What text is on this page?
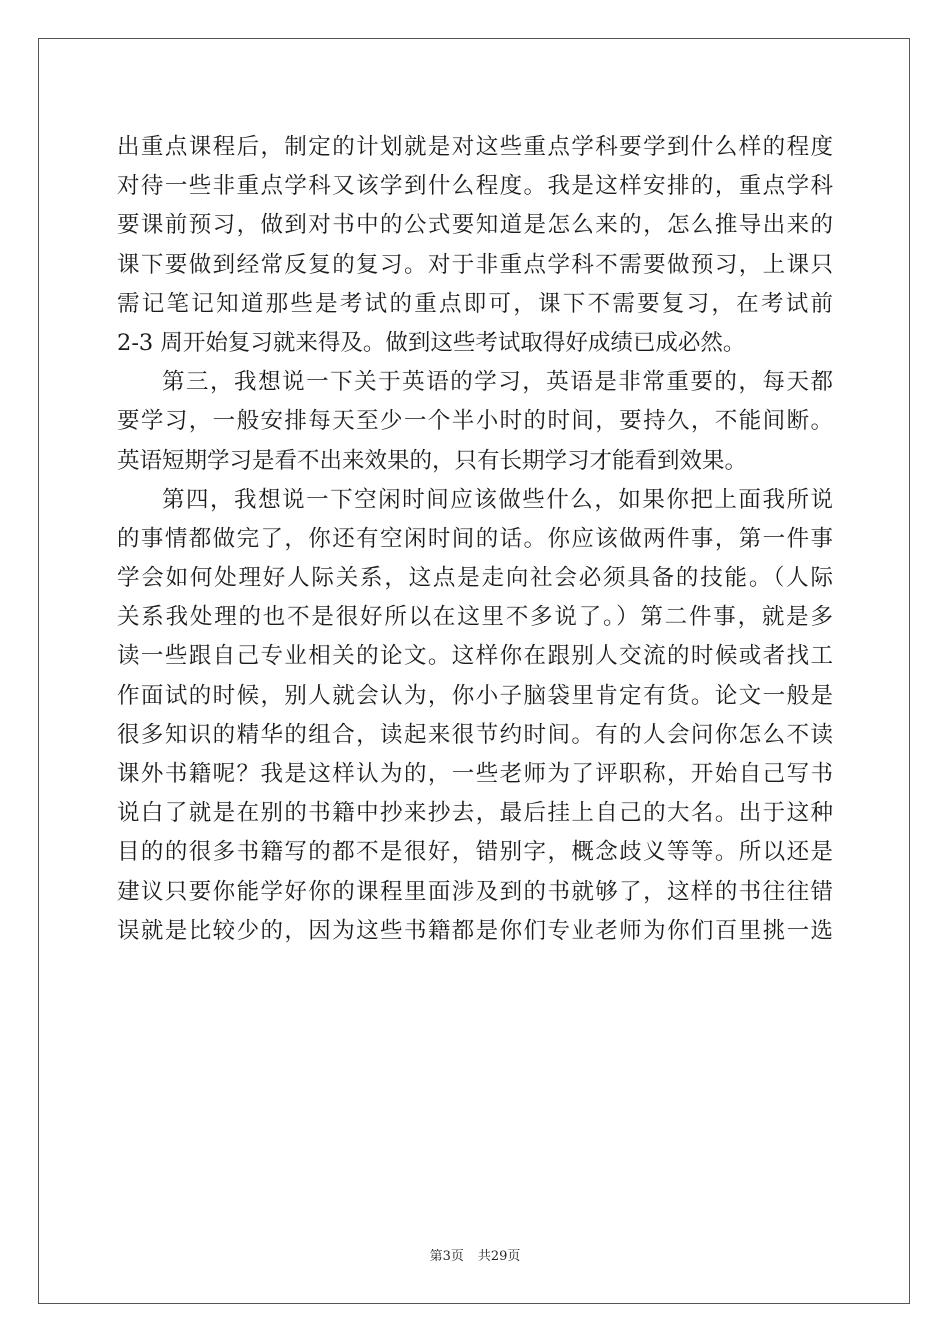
出重点课程后，制定的计划就是对这些重点学科要学到什么样的程度
对待一些非重点学科又该学到什么程度。我是这样安排的，重点学科
要课前预习，做到对书中的公式要知道是怎么来的，怎么推导出来的
课下要做到经常反复的复习。对于非重点学科不需要做预习，上课只
需记笔记知道那些是考试的重点即可，课下不需要复习，在考试前
2-3 周开始复习就来得及。做到这些考试取得好成绩已成必然。
第三，我想说一下关于英语的学习，英语是非常重要的，每天都
要学习，一般安排每天至少一个半小时的时间，要持久，不能间断。
英语短期学习是看不出来效果的，只有长期学习才能看到效果。
第四，我想说一下空闲时间应该做些什么，如果你把上面我所说
的事情都做完了，你还有空闲时间的话。你应该做两件事，第一件事
学会如何处理好人际关系，这点是走向社会必须具备的技能。（人际
关系我处理的也不是很好所以在这里不多说了。）第二件事，就是多
读一些跟自己专业相关的论文。这样你在跟别人交流的时候或者找工
作面试的时候，别人就会认为，你小子脑袋里肯定有货。论文一般是
很多知识的精华的组合，读起来很节约时间。有的人会问你怎么不读
课外书籍呢？我是这样认为的，一些老师为了评职称，开始自己写书
说白了就是在别的书籍中抄来抄去，最后挂上自己的大名。出于这种
目的的很多书籍写的都不是很好，错别字，概念歧义等等。所以还是
建议只要你能学好你的课程里面涉及到的书就够了，这样的书往往错
误就是比较少的，因为这些书籍都是你们专业老师为你们百里挑一选
第3页 共29页
